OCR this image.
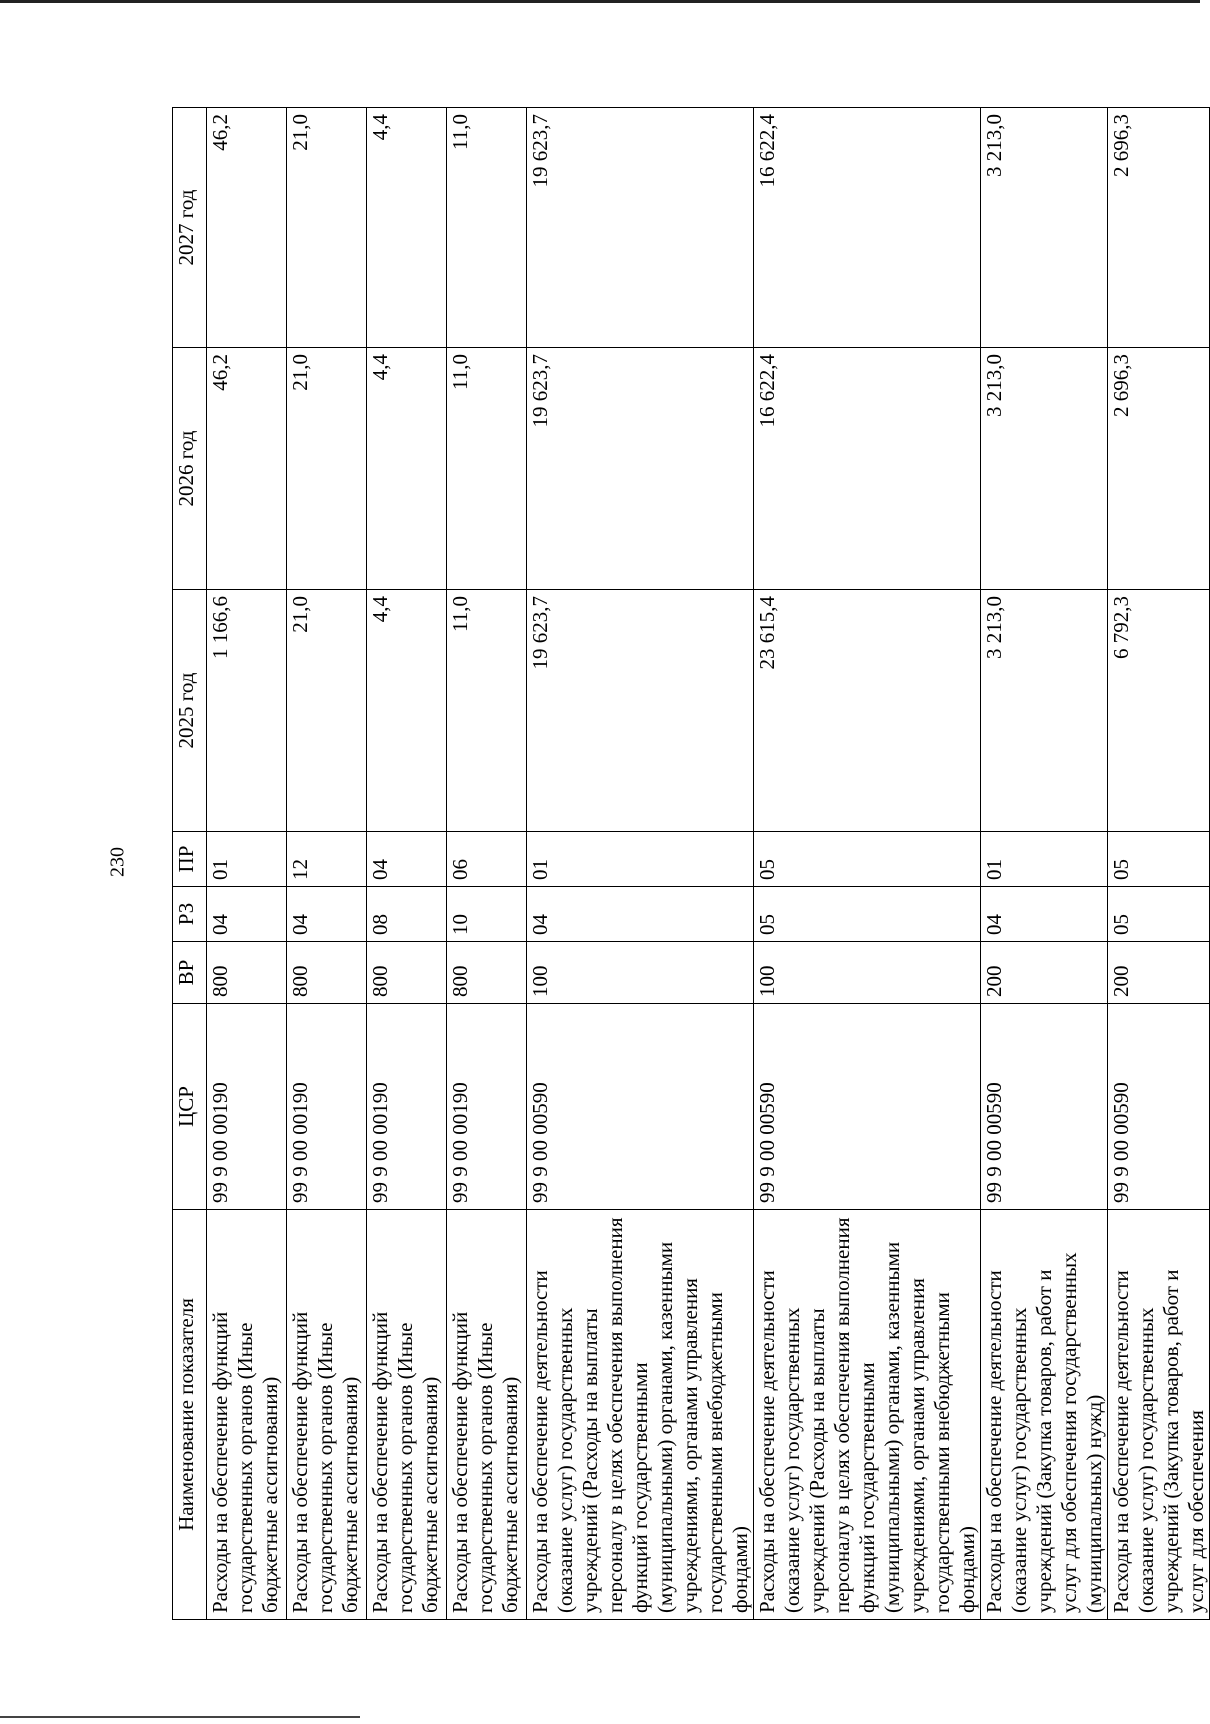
230
Наименование показателя	ЦСР	ВР	РЗ	ПР	2025 год	2026 год	2027 год
Расходы на обеспечение функций государственных органов (Иные бюджетные ассигнования)	99 9 00 00190	800	04	01	1 166,6	46,2	46,2
Расходы на обеспечение функций государственных органов (Иные бюджетные ассигнования)	99 9 00 00190	800	04	12	21,0	21,0	21,0
Расходы на обеспечение функций государственных органов (Иные бюджетные ассигнования)	99 9 00 00190	800	08	04	4,4	4,4	4,4
Расходы на обеспечение функций государственных органов (Иные бюджетные ассигнования)	99 9 00 00190	800	10	06	11,0	11,0	11,0
Расходы на обеспечение деятельности (оказание услуг) государственных учреждений (Расходы на выплаты персоналу в целях обеспечения выполнения функций государственными (муниципальными) органами, казенными учреждениями, органами управления государственными внебюджетными фондами)	99 9 00 00590	100	04	01	19 623,7	19 623,7	19 623,7
Расходы на обеспечение деятельности (оказание услуг) государственных учреждений (Расходы на выплаты персоналу в целях обеспечения выполнения функций государственными (муниципальными) органами, казенными учреждениями, органами управления государственными внебюджетными фондами)	99 9 00 00590	100	05	05	23 615,4	16 622,4	16 622,4
Расходы на обеспечение деятельности (оказание услуг) государственных учреждений (Закупка товаров, работ и услуг для обеспечения государственных (муниципальных) нужд)	99 9 00 00590	200	04	01	3 213,0	3 213,0	3 213,0
Расходы на обеспечение деятельности (оказание услуг) государственных учреждений (Закупка товаров, работ и услуг для обеспечения	99 9 00 00590	200	05	05	6 792,3	2 696,3	2 696,3
